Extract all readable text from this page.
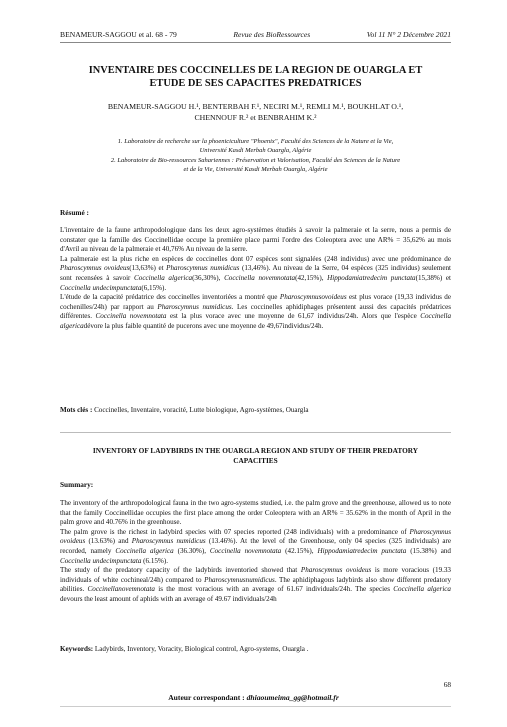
BENAMEUR-SAGGOU et al. 68 - 79	Revue des BioRessources	Vol 11 N° 2 Décembre 2021
INVENTAIRE DES COCCINELLES DE LA REGION DE OUARGLA ET
ETUDE DE SES CAPACITES PREDATRICES
BENAMEUR-SAGGOU H.¹, BENTERBAH F.¹, NECIRI M.¹, REMLI M.¹, BOUKHLAT O.¹,
CHENNOUF R.² et BENBRAHIM K.²
1. Laboratoire de recherche sur la phoeniciculture "Phoenix", Faculté des Sciences de la Nature et la Vie,
Université Kasdi Merbah Ouargla, Algérie
2. Laboratoire de Bio-ressources Sahariennes : Préservation et Valorisation, Faculté des Sciences de la Nature
et de la Vie, Université Kasdi Merbah Ouargla, Algérie
Résumé :

L'inventaire de la faune arthropodologique dans les deux agro-systèmes étudiés à savoir la palmeraie et la serre, nous a permis de constater que la famille des Coccinellidae occupe la première place parmi l'ordre des Coleoptera avec une AR% = 35,62% au mois d'Avril au niveau de la palmeraie et 40,76% Au niveau de la serre.

La palmeraie est la plus riche en espèces de coccinelles dont 07 espèces sont signalées (248 individus) avec une prédominance de Pharoscymnus ovoideus(13,63%) et Pharoscymnus numidicus (13,46%). Au niveau de la Serre, 04 espèces (325 individus) seulement sont recensées à savoir Coccinella algerica(36,30%), Coccinella novemnotata(42,15%), Hippodamiatredecim punctata(15,38%) et Coccinella undecimpunctata(6,15%).

L'étude de la capacité prédatrice des coccinelles inventoriées a montré que Pharoscymnusovoideus est plus vorace (19,33 individus de cochenilles/24h) par rapport au Pharoscymnus numidicus. Les coccinelles aphidiphages présentent aussi des capacités prédatrices différentes. Coccinella novemnotata est la plus vorace avec une moyenne de 61,67 individus/24h. Alors que l'espèce Coccinella algericadévore la plus faible quantité de pucerons avec une moyenne de 49,67individus/24h.

Mots clés : Coccinelles, Inventaire, voracité, Lutte biologique, Agro-systèmes, Ouargla

INVENTORY OF LADYBIRDS IN THE OUARGLA REGION AND STUDY OF THEIR PREDATORY
CAPACITIES
Summary:

The inventory of the arthropodological fauna in the two agro-systems studied, i.e. the palm grove and the greenhouse, allowed us to note that the family Coccinellidae occupies the first place among the order Coleoptera with an AR% = 35.62% in the month of April in the palm grove and 40.76% in the greenhouse.

The palm grove is the richest in ladybird species with 07 species reported (248 individuals) with a predominance of Pharoscymnus ovoideus (13.63%) and Pharoscymnus numidicus (13.46%). At the level of the Greenhouse, only 04 species (325 individuals) are recorded, namely Coccinella algerica (36.30%), Coccinella novemnotata (42.15%), Hippodamiatredecim punctata (15.38%) and Coccinella undecimpunctata (6.15%).

The study of the predatory capacity of the ladybirds inventoried showed that Pharoscymnus ovoideus is more voracious (19.33 individuals of white cochineal/24h) compared to Pharoscymnusnumidicus. The aphidiphagous ladybirds also show different predatory abilities. Coccinellanovemnotata is the most voracious with an average of 61.67 individuals/24h. The species Coccinella algerica devours the least amount of aphids with an average of 49.67 individuals/24h

Keywords: Ladybirds, Inventory, Voracity, Biological control, Agro-systems, Ouargla .

68
Auteur correspondant : dhiaoumeima_gg@hotmail.fr
